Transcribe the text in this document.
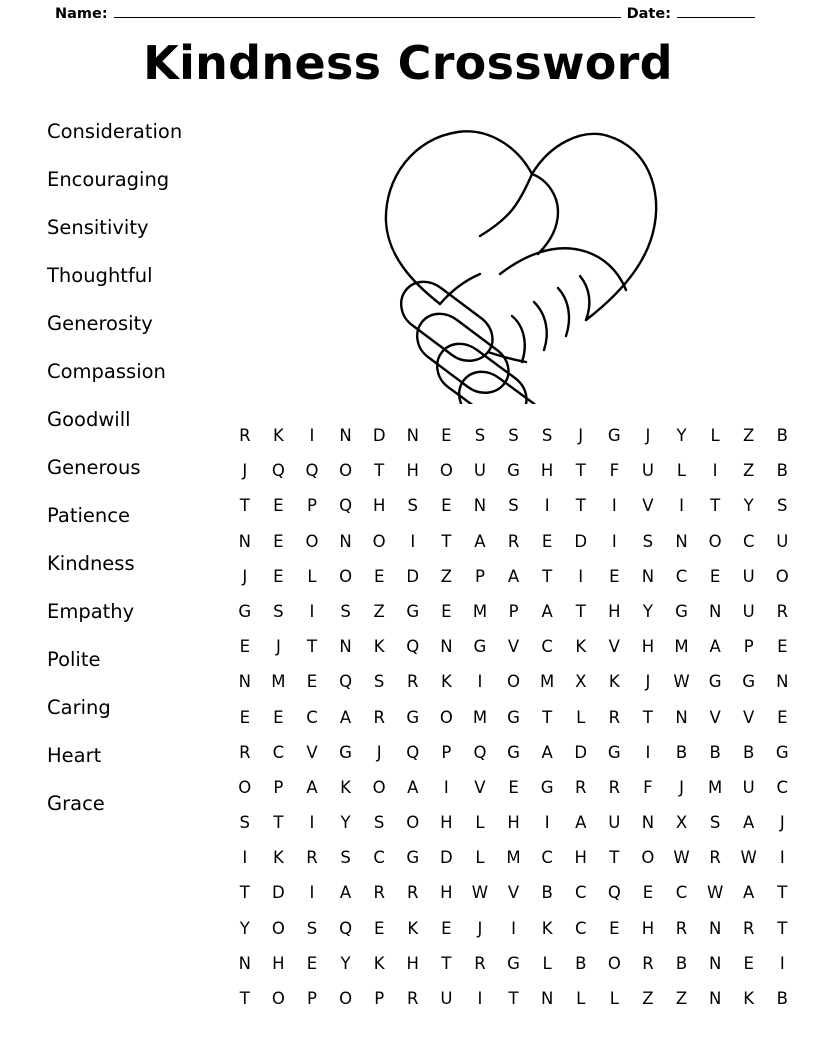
Name:	Date:
Kindness Crossword
Consideration
Encouraging
Sensitivity
Thoughtful
Generosity
Compassion
Goodwill
Generous
Patience
Kindness
Empathy
Polite
Caring
Heart
Grace
R	K	I	N	D	N	E	S	S	S	J	G	J	Y	L	Z	B
J	Q	Q	O	T	H	O	U	G	H	T	F	U	L	I	Z	B
T	E	P	Q	H	S	E	N	S	I	T	I	V	I	T	Y	S
N	E	O	N	O	I	T	A	R	E	D	I	S	N	O	C	U
J	E	L	O	E	D	Z	P	A	T	I	E	N	C	E	U	O
G	S	I	S	Z	G	E	M	P	A	T	H	Y	G	N	U	R
E	J	T	N	K	Q	N	G	V	C	K	V	H	M	A	P	E
N	M	E	Q	S	R	K	I	O	M	X	K	J	W	G	G	N
E	E	C	A	R	G	O	M	G	T	L	R	T	N	V	V	E
R	C	V	G	J	Q	P	Q	G	A	D	G	I	B	B	B	G
O	P	A	K	O	A	I	V	E	G	R	R	F	J	M	U	C
S	T	I	Y	S	O	H	L	H	I	A	U	N	X	S	A	J
I	K	R	S	C	G	D	L	M	C	H	T	O	W	R	W	I
T	D	I	A	R	R	H	W	V	B	C	Q	E	C	W	A	T
Y	O	S	Q	E	K	E	J	I	K	C	E	H	R	N	R	T
N	H	E	Y	K	H	T	R	G	L	B	O	R	B	N	E	I
T	O	P	O	P	R	U	I	T	N	L	L	Z	Z	N	K	B
